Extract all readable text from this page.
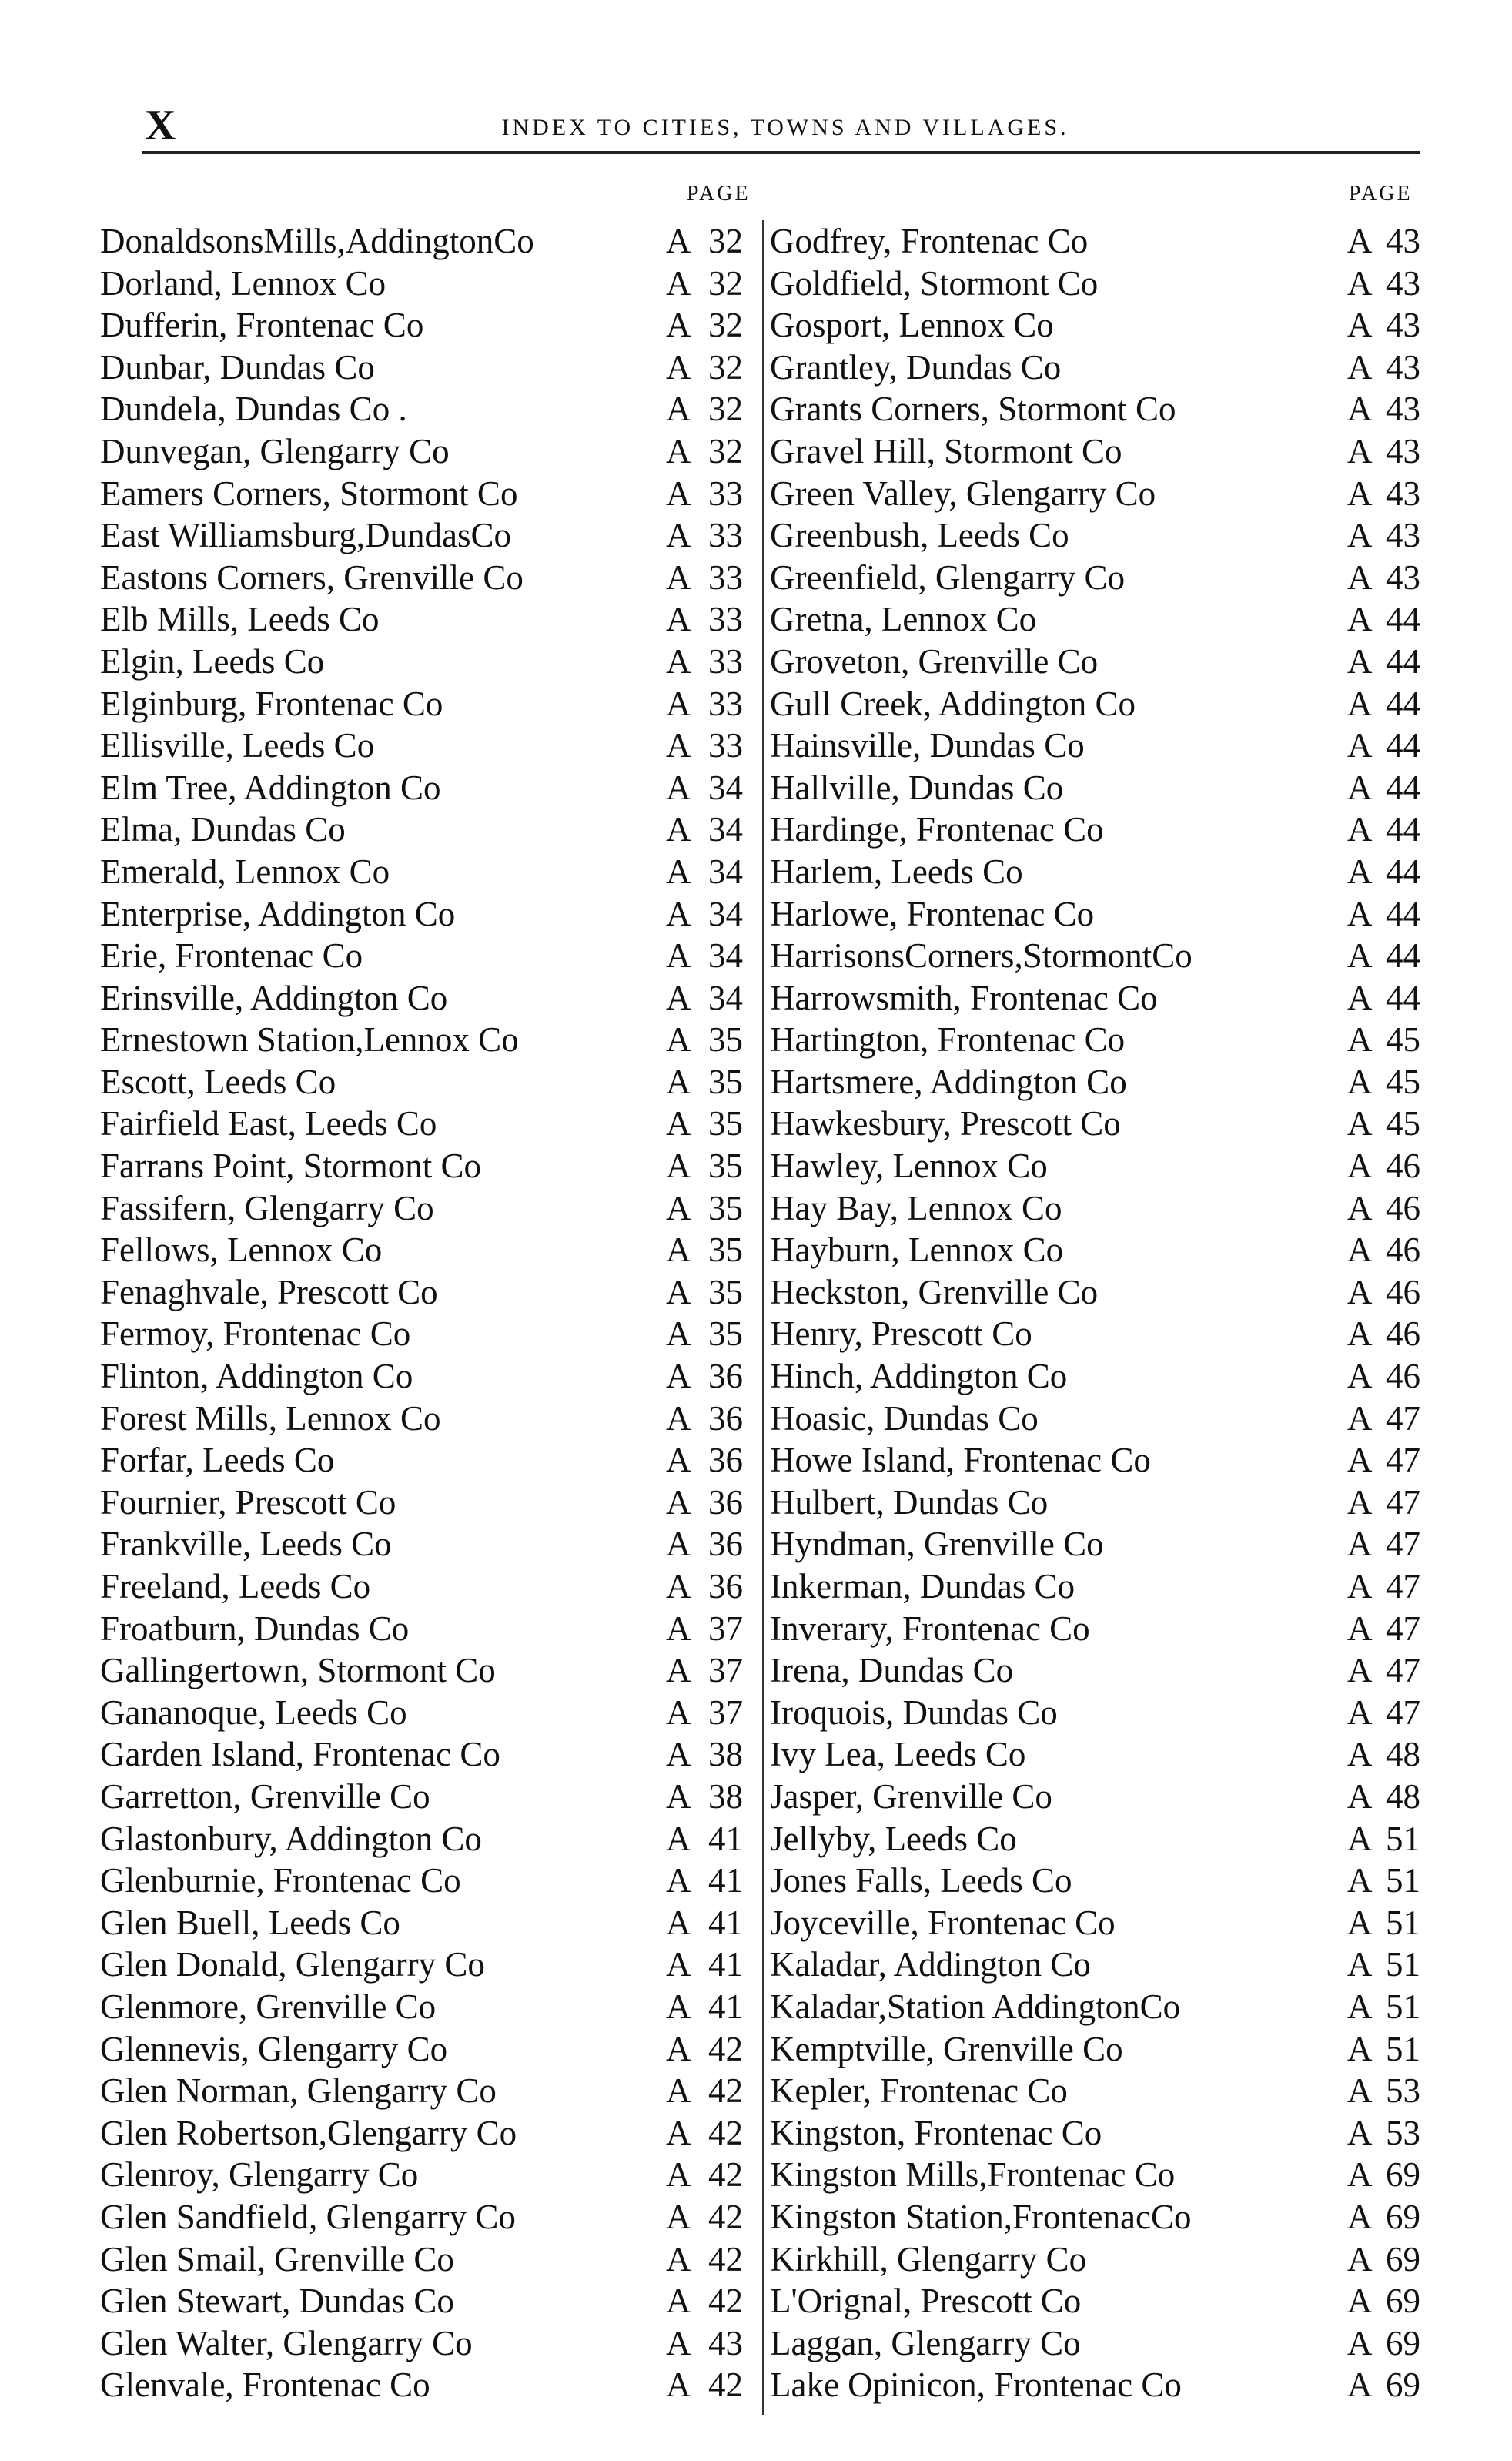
X	INDEX TO CITIES, TOWNS AND VILLAGES.
PAGE	PAGE
DonaldsonsMills,AddingtonCo	A 32
Dorland, Lennox Co	A 32
Dufferin, Frontenac Co	A 32
Dunbar, Dundas Co	A 32
Dundela, Dundas Co .	A 32
Dunvegan, Glengarry Co	A 32
Eamers Corners, Stormont Co	A 33
East Williamsburg,DundasCo	A 33
Eastons Corners, Grenville Co	A 33
Elb Mills, Leeds Co	A 33
Elgin, Leeds Co	A 33
Elginburg, Frontenac Co	A 33
Ellisville, Leeds Co	A 33
Elm Tree, Addington Co	A 34
Elma, Dundas Co	A 34
Emerald, Lennox Co	A 34
Enterprise, Addington Co	A 34
Erie, Frontenac Co	A 34
Erinsville, Addington Co	A 34
Ernestown Station,Lennox Co	A 35
Escott, Leeds Co	A 35
Fairfield East, Leeds Co	A 35
Farrans Point, Stormont Co	A 35
Fassifern, Glengarry Co	A 35
Fellows, Lennox Co	A 35
Fenaghvale, Prescott Co	A 35
Fermoy, Frontenac Co	A 35
Flinton, Addington Co	A 36
Forest Mills, Lennox Co	A 36
Forfar, Leeds Co	A 36
Fournier, Prescott Co	A 36
Frankville, Leeds Co	A 36
Freeland, Leeds Co	A 36
Froatburn, Dundas Co	A 37
Gallingertown, Stormont Co	A 37
Gananoque, Leeds Co	A 37
Garden Island, Frontenac Co	A 38
Garretton, Grenville Co	A 38
Glastonbury, Addington Co	A 41
Glenburnie, Frontenac Co	A 41
Glen Buell, Leeds Co	A 41
Glen Donald, Glengarry Co	A 41
Glenmore, Grenville Co	A 41
Glennevis, Glengarry Co	A 42
Glen Norman, Glengarry Co	A 42
Glen Robertson,Glengarry Co	A 42
Glenroy, Glengarry Co	A 42
Glen Sandfield, Glengarry Co	A 42
Glen Smail, Grenville Co	A 42
Glen Stewart, Dundas Co	A 42
Glen Walter, Glengarry Co	A 43
Glenvale, Frontenac Co	A 42
Godfrey, Frontenac Co	A 43
Goldfield, Stormont Co	A 43
Gosport, Lennox Co	A 43
Grantley, Dundas Co	A 43
Grants Corners, Stormont Co	A 43
Gravel Hill, Stormont Co	A 43
Green Valley, Glengarry Co	A 43
Greenbush, Leeds Co	A 43
Greenfield, Glengarry Co	A 43
Gretna, Lennox Co	A 44
Groveton, Grenville Co	A 44
Gull Creek, Addington Co	A 44
Hainsville, Dundas Co	A 44
Hallville, Dundas Co	A 44
Hardinge, Frontenac Co	A 44
Harlem, Leeds Co	A 44
Harlowe, Frontenac Co	A 44
HarrisonsCorners,StormontCo	A 44
Harrowsmith, Frontenac Co	A 44
Hartington, Frontenac Co	A 45
Hartsmere, Addington Co	A 45
Hawkesbury, Prescott Co	A 45
Hawley, Lennox Co	A 46
Hay Bay, Lennox Co	A 46
Hayburn, Lennox Co	A 46
Heckston, Grenville Co	A 46
Henry, Prescott Co	A 46
Hinch, Addington Co	A 46
Hoasic, Dundas Co	A 47
Howe Island, Frontenac Co	A 47
Hulbert, Dundas Co	A 47
Hyndman, Grenville Co	A 47
Inkerman, Dundas Co	A 47
Inverary, Frontenac Co	A 47
Irena, Dundas Co	A 47
Iroquois, Dundas Co	A 47
Ivy Lea, Leeds Co	A 48
Jasper, Grenville Co	A 48
Jellyby, Leeds Co	A 51
Jones Falls, Leeds Co	A 51
Joyceville, Frontenac Co	A 51
Kaladar, Addington Co	A 51
Kaladar,Station AddingtonCo	A 51
Kemptville, Grenville Co	A 51
Kepler, Frontenac Co	A 53
Kingston, Frontenac Co	A 53
Kingston Mills,Frontenac Co	A 69
Kingston Station,FrontenacCo	A 69
Kirkhill, Glengarry Co	A 69
L'Orignal, Prescott Co	A 69
Laggan, Glengarry Co	A 69
Lake Opinicon, Frontenac Co	A 69
